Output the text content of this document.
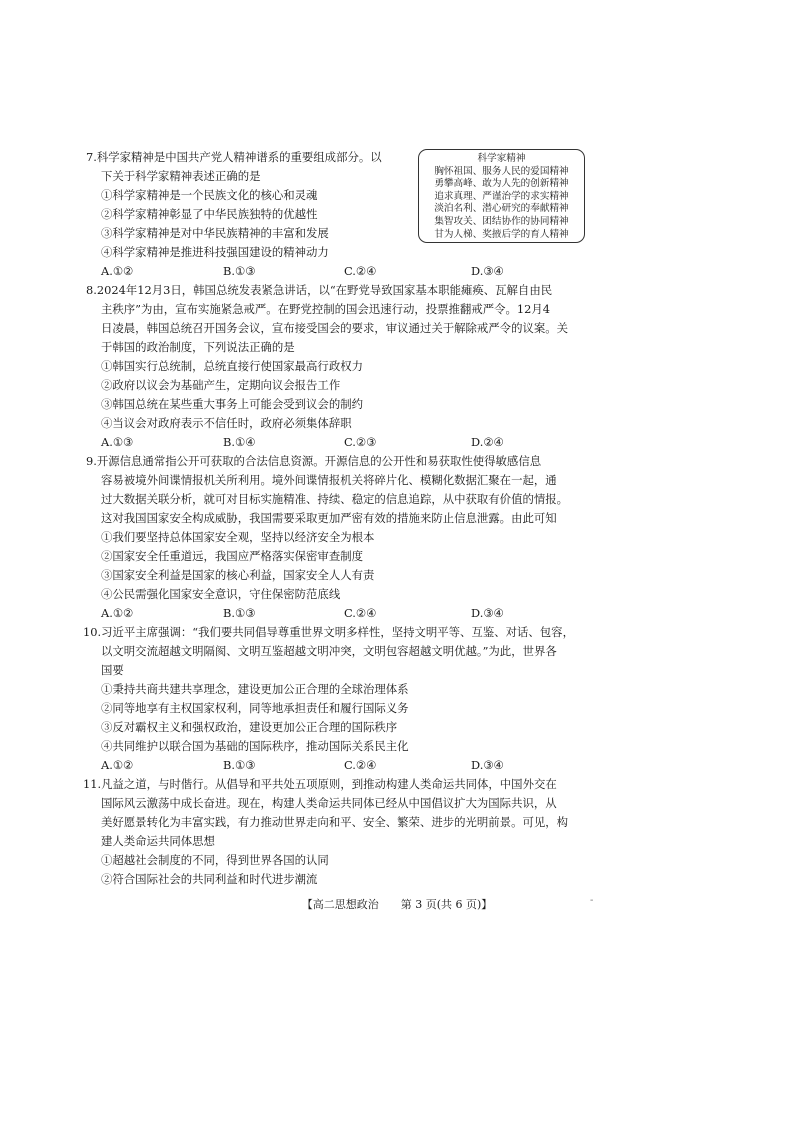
7.科学家精神是中国共产党人精神谱系的重要组成部分。以
下关于科学家精神表述正确的是
①科学家精神是一个民族文化的核心和灵魂
②科学家精神彰显了中华民族独特的优越性
③科学家精神是对中华民族精神的丰富和发展
④科学家精神是推进科技强国建设的精神动力
A.①②	B.①③	C.②④	D.③④
科学家精神
胸怀祖国、服务人民的爱国精神
勇攀高峰、敢为人先的创新精神
追求真理、严谨治学的求实精神
淡泊名利、潜心研究的奉献精神
集智攻关、团结协作的协同精神
甘为人梯、奖掖后学的育人精神
8.2024年12月3日，韩国总统发表紧急讲话，以“在野党导致国家基本职能瘫痪、瓦解自由民
主秩序”为由，宣布实施紧急戒严。在野党控制的国会迅速行动，投票推翻戒严令。12月4
日凌晨，韩国总统召开国务会议，宣布接受国会的要求，审议通过关于解除戒严令的议案。关
于韩国的政治制度，下列说法正确的是
①韩国实行总统制，总统直接行使国家最高行政权力
②政府以议会为基础产生，定期向议会报告工作
③韩国总统在某些重大事务上可能会受到议会的制约
④当议会对政府表示不信任时，政府必须集体辞职
A.①③	B.①④	C.②③	D.②④
9.开源信息通常指公开可获取的合法信息资源。开源信息的公开性和易获取性使得敏感信息
容易被境外间谍情报机关所利用。境外间谍情报机关将碎片化、模糊化数据汇聚在一起，通
过大数据关联分析，就可对目标实施精准、持续、稳定的信息追踪，从中获取有价值的情报。
这对我国国家安全构成威胁，我国需要采取更加严密有效的措施来防止信息泄露。由此可知
①我们要坚持总体国家安全观，坚持以经济安全为根本
②国家安全任重道远，我国应严格落实保密审查制度
③国家安全利益是国家的核心利益，国家安全人人有责
④公民需强化国家安全意识，守住保密防范底线
A.①②	B.①③	C.②④	D.③④
10.习近平主席强调：“我们要共同倡导尊重世界文明多样性，坚持文明平等、互鉴、对话、包容，
以文明交流超越文明隔阂、文明互鉴超越文明冲突，文明包容超越文明优越。”为此，世界各
国要
①秉持共商共建共享理念，建设更加公正合理的全球治理体系
②同等地享有主权国家权利，同等地承担责任和履行国际义务
③反对霸权主义和强权政治，建设更加公正合理的国际秩序
④共同维护以联合国为基础的国际秩序，推动国际关系民主化
A.①②	B.①③	C.②④	D.③④
11.凡益之道，与时偕行。从倡导和平共处五项原则，到推动构建人类命运共同体，中国外交在
国际风云激荡中成长奋进。现在，构建人类命运共同体已经从中国倡议扩大为国际共识，从
美好愿景转化为丰富实践，有力推动世界走向和平、安全、繁荣、进步的光明前景。可见，构
建人类命运共同体思想
①超越社会制度的不同，得到世界各国的认同
②符合国际社会的共同利益和时代进步潮流
【高二思想政治 第 3 页(共 6 页)】	-
